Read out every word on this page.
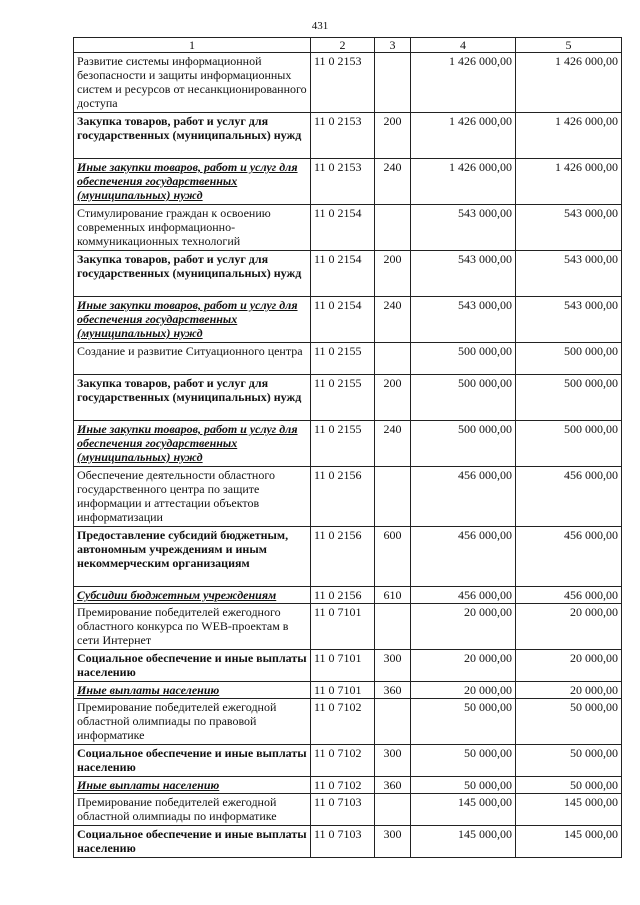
431
1	2	3	4	5
Развитие системы информационной безопасности и защиты информационных систем и ресурсов от несанкционированного доступа	11 0 2153		1 426 000,00	1 426 000,00
Закупка товаров, работ и услуг для государственных (муниципальных) нужд	11 0 2153	200	1 426 000,00	1 426 000,00
Иные закупки товаров, работ и услуг для обеспечения государственных (муниципальных) нужд	11 0 2153	240	1 426 000,00	1 426 000,00
Стимулирование граждан к освоению современных информационно-коммуникационных технологий	11 0 2154		543 000,00	543 000,00
Закупка товаров, работ и услуг для государственных (муниципальных) нужд	11 0 2154	200	543 000,00	543 000,00
Иные закупки товаров, работ и услуг для обеспечения государственных (муниципальных) нужд	11 0 2154	240	543 000,00	543 000,00
Создание и развитие Ситуационного центра	11 0 2155		500 000,00	500 000,00
Закупка товаров, работ и услуг для государственных (муниципальных) нужд	11 0 2155	200	500 000,00	500 000,00
Иные закупки товаров, работ и услуг для обеспечения государственных (муниципальных) нужд	11 0 2155	240	500 000,00	500 000,00
Обеспечение деятельности областного государственного центра по защите информации и аттестации объектов информатизации	11 0 2156		456 000,00	456 000,00
Предоставление субсидий бюджетным, автономным учреждениям и иным некоммерческим организациям	11 0 2156	600	456 000,00	456 000,00
Субсидии бюджетным учреждениям	11 0 2156	610	456 000,00	456 000,00
Премирование победителей ежегодного областного конкурса по WEB-проектам в сети Интернет	11 0 7101		20 000,00	20 000,00
Социальное обеспечение и иные выплаты населению	11 0 7101	300	20 000,00	20 000,00
Иные выплаты населению	11 0 7101	360	20 000,00	20 000,00
Премирование победителей ежегодной областной олимпиады по правовой информатике	11 0 7102		50 000,00	50 000,00
Социальное обеспечение и иные выплаты населению	11 0 7102	300	50 000,00	50 000,00
Иные выплаты населению	11 0 7102	360	50 000,00	50 000,00
Премирование победителей ежегодной областной олимпиады по информатике	11 0 7103		145 000,00	145 000,00
Социальное обеспечение и иные выплаты населению	11 0 7103	300	145 000,00	145 000,00
